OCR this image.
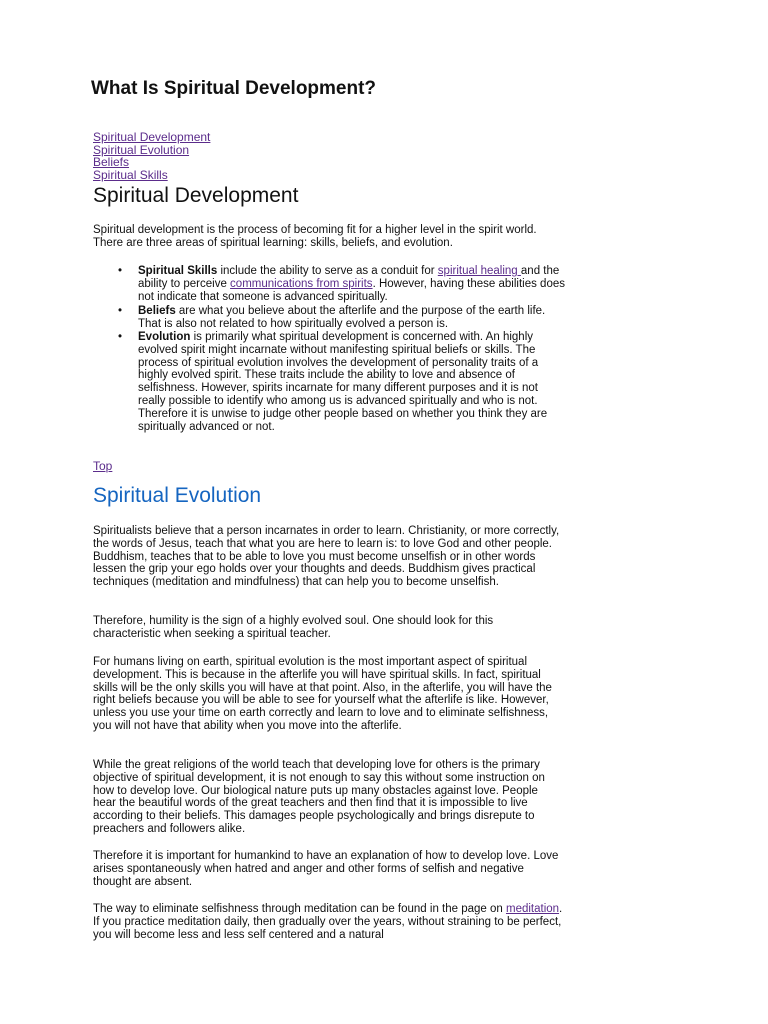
What Is Spiritual Development?
Spiritual Development
Spiritual Evolution
Beliefs
Spiritual Skills
Spiritual Development

Spiritual development is the process of becoming fit for a higher level in the spirit world. There are three areas of spiritual learning: skills, beliefs, and evolution.

• Spiritual Skills include the ability to serve as a conduit for spiritual healing and the ability to perceive communications from spirits. However, having these abilities does not indicate that someone is advanced spiritually.
• Beliefs are what you believe about the afterlife and the purpose of the earth life. That is also not related to how spiritually evolved a person is.
• Evolution is primarily what spiritual development is concerned with. An highly evolved spirit might incarnate without manifesting spiritual beliefs or skills. The process of spiritual evolution involves the development of personality traits of a highly evolved spirit. These traits include the ability to love and absence of selfishness. However, spirits incarnate for many different purposes and it is not really possible to identify who among us is advanced spiritually and who is not. Therefore it is unwise to judge other people based on whether you think they are spiritually advanced or not.
Top
Spiritual Evolution

Spiritualists believe that a person incarnates in order to learn. Christianity, or more correctly, the words of Jesus, teach that what you are here to learn is: to love God and other people. Buddhism, teaches that to be able to love you must become unselfish or in other words lessen the grip your ego holds over your thoughts and deeds. Buddhism gives practical techniques (meditation and mindfulness) that can help you to become unselfish.

Therefore, humility is the sign of a highly evolved soul. One should look for this characteristic when seeking a spiritual teacher.

For humans living on earth, spiritual evolution is the most important aspect of spiritual development. This is because in the afterlife you will have spiritual skills. In fact, spiritual skills will be the only skills you will have at that point. Also, in the afterlife, you will have the right beliefs because you will be able to see for yourself what the afterlife is like. However, unless you use your time on earth correctly and learn to love and to eliminate selfishness, you will not have that ability when you move into the afterlife.

While the great religions of the world teach that developing love for others is the primary objective of spiritual development, it is not enough to say this without some instruction on how to develop love. Our biological nature puts up many obstacles against love. People hear the beautiful words of the great teachers and then find that it is impossible to live according to their beliefs. This damages people psychologically and brings disrepute to preachers and followers alike.

Therefore it is important for humankind to have an explanation of how to develop love. Love arises spontaneously when hatred and anger and other forms of selfish and negative thought are absent.

The way to eliminate selfishness through meditation can be found in the page on meditation. If you practice meditation daily, then gradually over the years, without straining to be perfect, you will become less and less self centered and a natural
